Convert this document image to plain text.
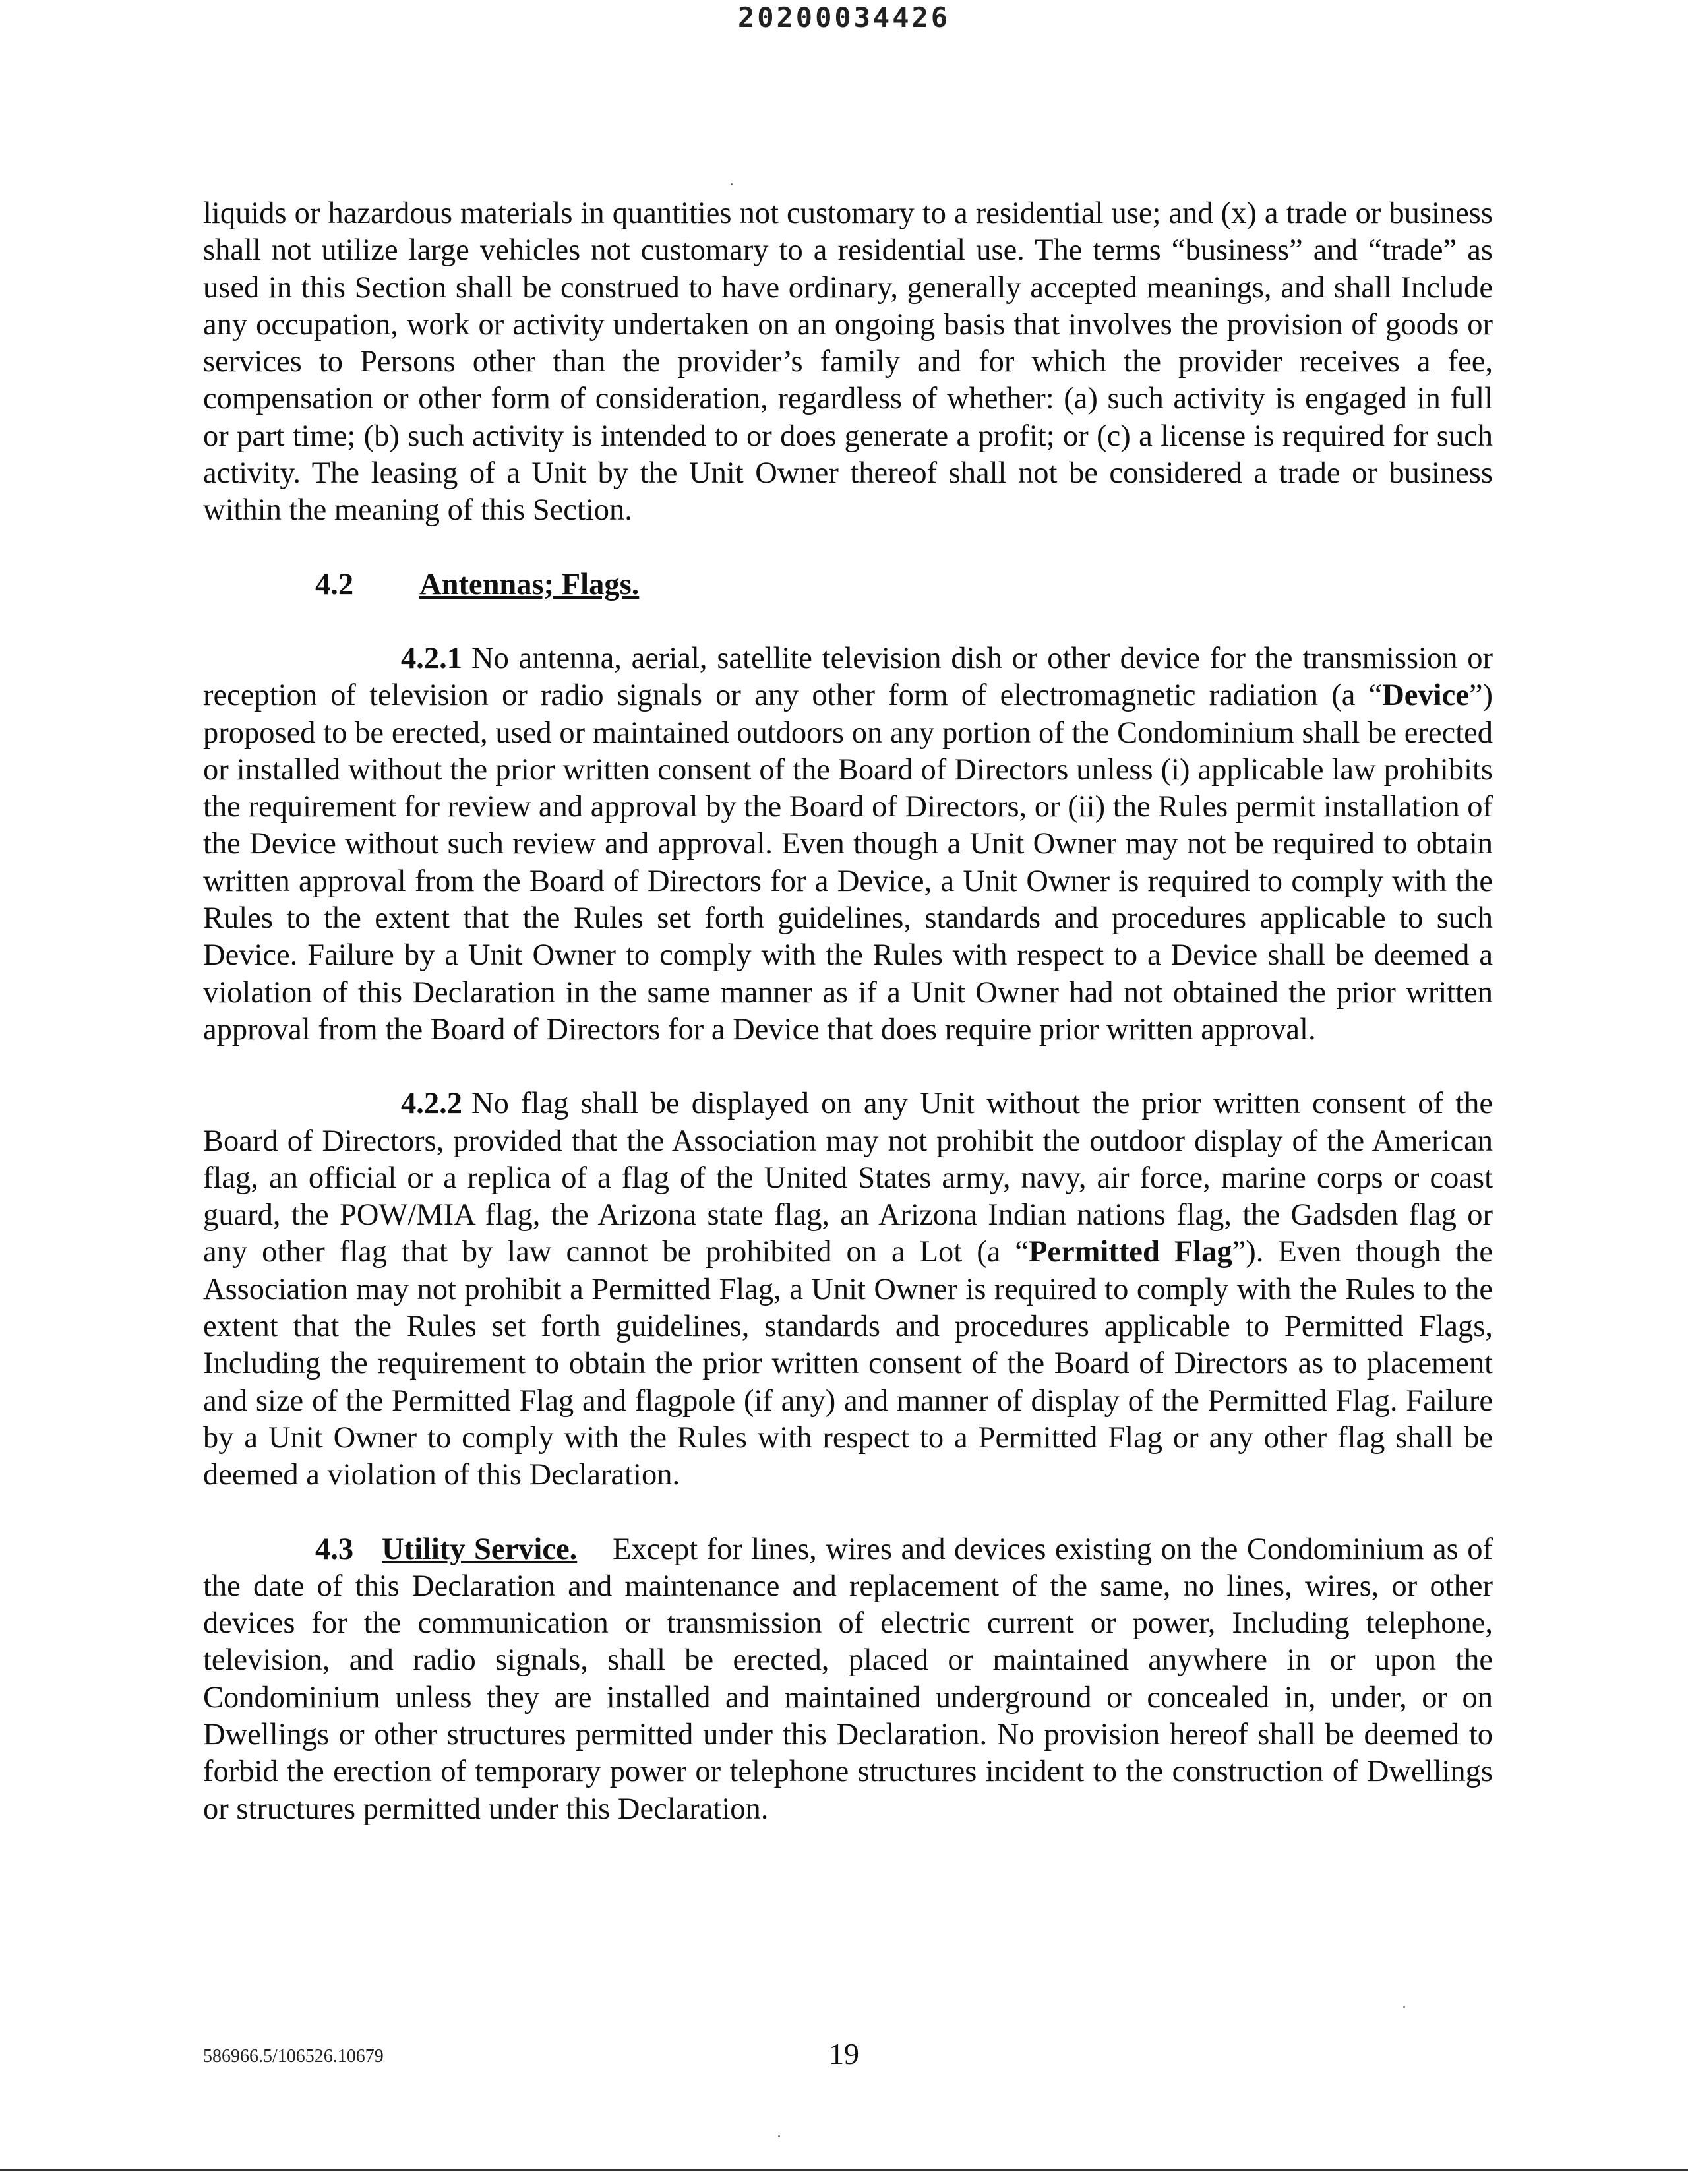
20200034426

liquids or hazardous materials in quantities not customary to a residential use; and (x) a trade or business shall not utilize large vehicles not customary to a residential use. The terms “business” and “trade” as used in this Section shall be construed to have ordinary, generally accepted meanings, and shall Include any occupation, work or activity undertaken on an ongoing basis that involves the provision of goods or services to Persons other than the provider’s family and for which the provider receives a fee, compensation or other form of consideration, regardless of whether: (a) such activity is engaged in full or part time; (b) such activity is intended to or does generate a profit; or (c) a license is required for such activity. The leasing of a Unit by the Unit Owner thereof shall not be considered a trade or business within the meaning of this Section.

4.2 Antennas; Flags.

4.2.1 No antenna, aerial, satellite television dish or other device for the transmission or reception of television or radio signals or any other form of electromagnetic radiation (a “Device”) proposed to be erected, used or maintained outdoors on any portion of the Condominium shall be erected or installed without the prior written consent of the Board of Directors unless (i) applicable law prohibits the requirement for review and approval by the Board of Directors, or (ii) the Rules permit installation of the Device without such review and approval. Even though a Unit Owner may not be required to obtain written approval from the Board of Directors for a Device, a Unit Owner is required to comply with the Rules to the extent that the Rules set forth guidelines, standards and procedures applicable to such Device. Failure by a Unit Owner to comply with the Rules with respect to a Device shall be deemed a violation of this Declaration in the same manner as if a Unit Owner had not obtained the prior written approval from the Board of Directors for a Device that does require prior written approval.

4.2.2 No flag shall be displayed on any Unit without the prior written consent of the Board of Directors, provided that the Association may not prohibit the outdoor display of the American flag, an official or a replica of a flag of the United States army, navy, air force, marine corps or coast guard, the POW/MIA flag, the Arizona state flag, an Arizona Indian nations flag, the Gadsden flag or any other flag that by law cannot be prohibited on a Lot (a “Permitted Flag”). Even though the Association may not prohibit a Permitted Flag, a Unit Owner is required to comply with the Rules to the extent that the Rules set forth guidelines, standards and procedures applicable to Permitted Flags, Including the requirement to obtain the prior written consent of the Board of Directors as to placement and size of the Permitted Flag and flagpole (if any) and manner of display of the Permitted Flag. Failure by a Unit Owner to comply with the Rules with respect to a Permitted Flag or any other flag shall be deemed a violation of this Declaration.

4.3 Utility Service. Except for lines, wires and devices existing on the Condominium as of the date of this Declaration and maintenance and replacement of the same, no lines, wires, or other devices for the communication or transmission of electric current or power, Including telephone, television, and radio signals, shall be erected, placed or maintained anywhere in or upon the Condominium unless they are installed and maintained underground or concealed in, under, or on Dwellings or other structures permitted under this Declaration. No provision hereof shall be deemed to forbid the erection of temporary power or telephone structures incident to the construction of Dwellings or structures permitted under this Declaration.

586966.5/106526.10679	19
